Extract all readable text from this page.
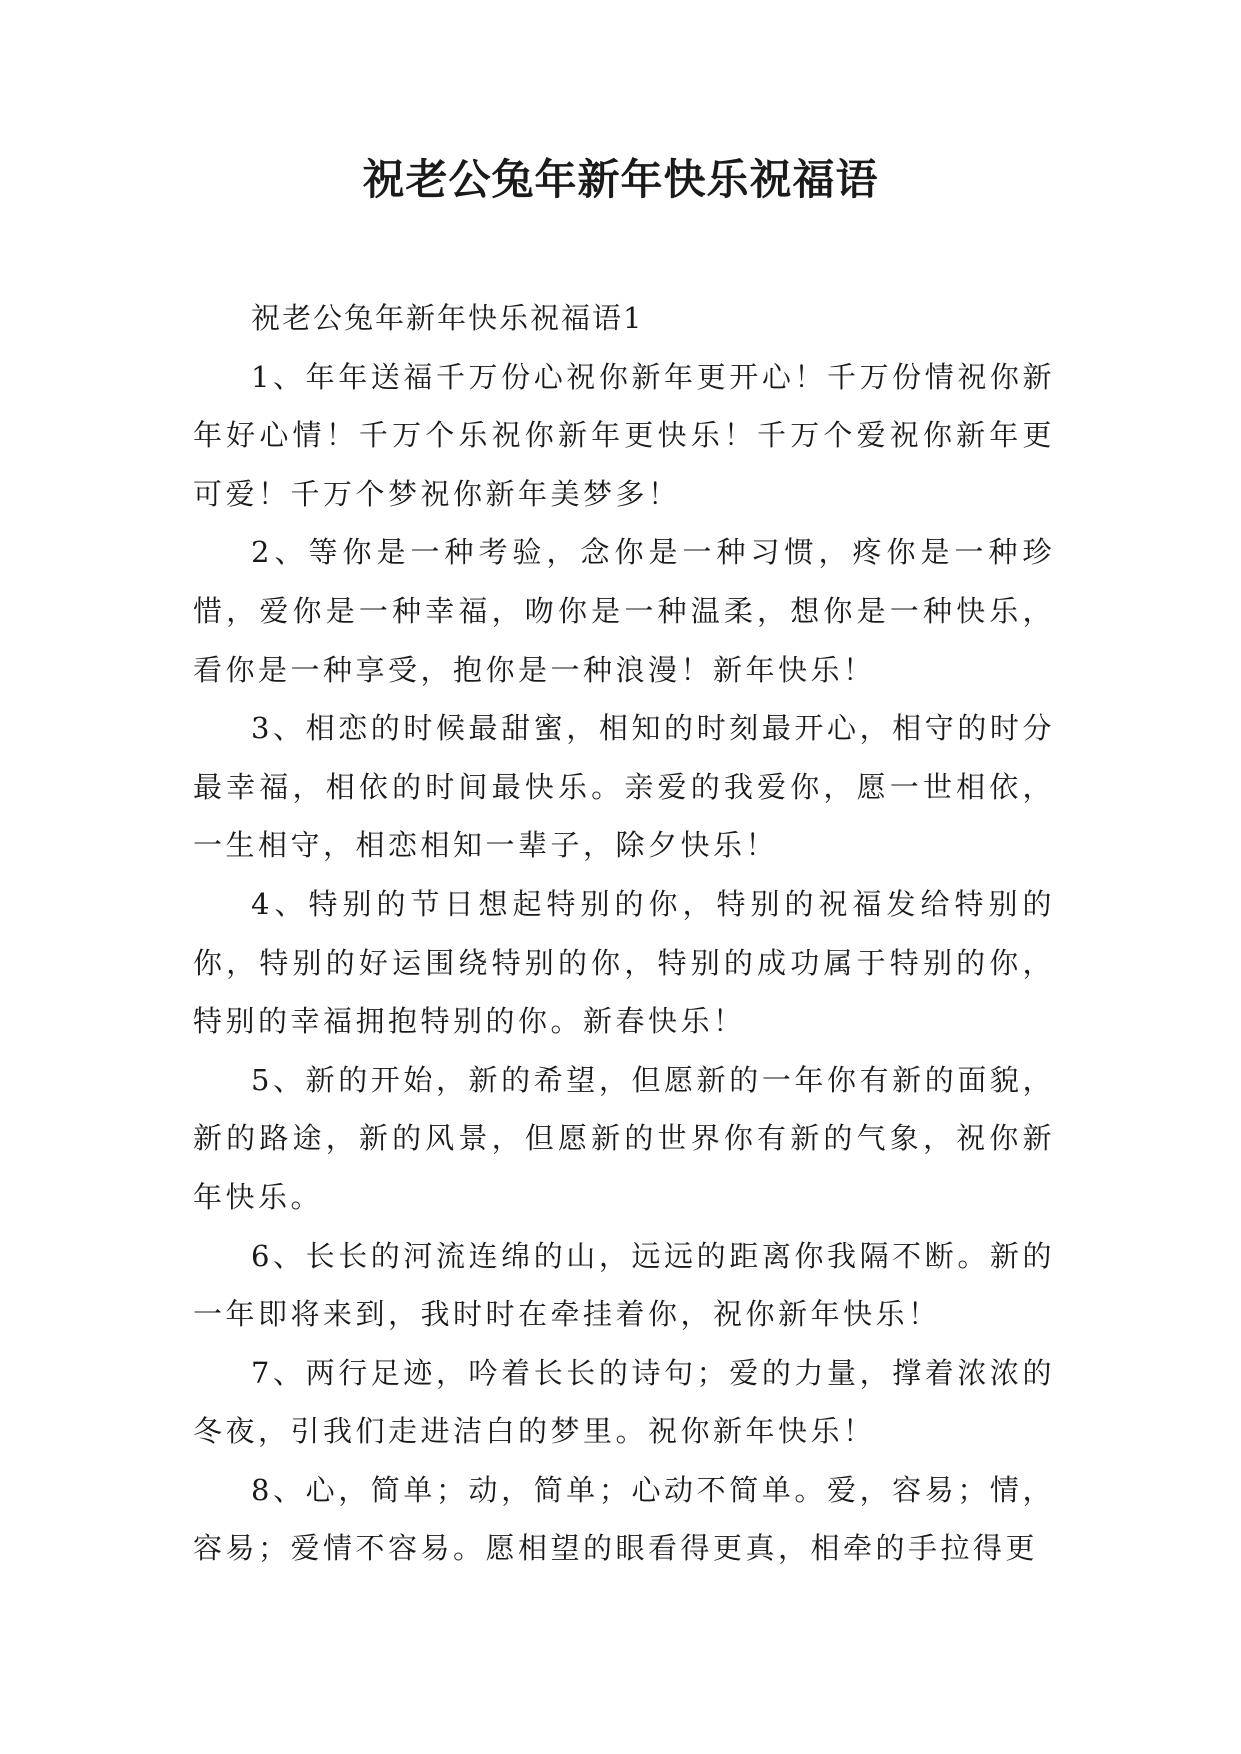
祝老公兔年新年快乐祝福语

祝老公兔年新年快乐祝福语1

1、年年送福千万份心祝你新年更开心！千万份情祝你新年好心情！千万个乐祝你新年更快乐！千万个爱祝你新年更可爱！千万个梦祝你新年美梦多！

2、等你是一种考验，念你是一种习惯，疼你是一种珍惜，爱你是一种幸福，吻你是一种温柔，想你是一种快乐，看你是一种享受，抱你是一种浪漫！新年快乐！

3、相恋的时候最甜蜜，相知的时刻最开心，相守的时分最幸福，相依的时间最快乐。亲爱的我爱你，愿一世相依，一生相守，相恋相知一辈子，除夕快乐！

4、特别的节日想起特别的你，特别的祝福发给特别的你，特别的好运围绕特别的你，特别的成功属于特别的你，特别的幸福拥抱特别的你。新春快乐！

5、新的开始，新的希望，但愿新的一年你有新的面貌，新的路途，新的风景，但愿新的世界你有新的气象，祝你新年快乐。

6、长长的河流连绵的山，远远的距离你我隔不断。新的一年即将来到，我时时在牵挂着你，祝你新年快乐！

7、两行足迹，吟着长长的诗句；爱的力量，撑着浓浓的冬夜，引我们走进洁白的梦里。祝你新年快乐！

8、心，简单；动，简单；心动不简单。爱，容易；情，容易；爱情不容易。愿相望的眼看得更真，相牵的手拉得更
